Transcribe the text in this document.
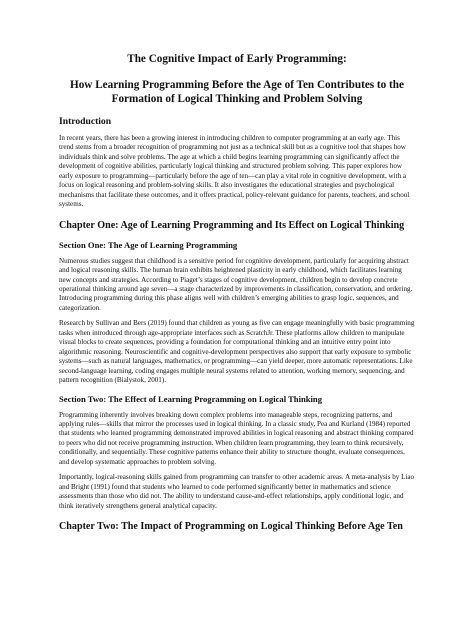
The Cognitive Impact of Early Programming:
How Learning Programming Before the Age of Ten Contributes to the Formation of Logical Thinking and Problem Solving
Introduction

In recent years, there has been a growing interest in introducing children to computer programming at an early age. This trend stems from a broader recognition of programming not just as a technical skill but as a cognitive tool that shapes how individuals think and solve problems. The age at which a child begins learning programming can significantly affect the development of cognitive abilities, particularly logical thinking and structured problem solving. This paper explores how early exposure to programming—particularly before the age of ten—can play a vital role in cognitive development, with a focus on logical reasoning and problem-solving skills. It also investigates the educational strategies and psychological mechanisms that facilitate these outcomes, and it offers practical, policy-relevant guidance for parents, teachers, and school systems.

Chapter One: Age of Learning Programming and Its Effect on Logical Thinking
Section One: The Age of Learning Programming

Numerous studies suggest that childhood is a sensitive period for cognitive development, particularly for acquiring abstract and logical reasoning skills. The human brain exhibits heightened plasticity in early childhood, which facilitates learning new concepts and strategies. According to Piaget’s stages of cognitive development, children begin to develop concrete operational thinking around age seven—a stage characterized by improvements in classification, conservation, and ordering. Introducing programming during this phase aligns well with children’s emerging abilities to grasp logic, sequences, and categorization.

Research by Sullivan and Bers (2019) found that children as young as five can engage meaningfully with basic programming tasks when introduced through age-appropriate interfaces such as ScratchJr. These platforms allow children to manipulate visual blocks to create sequences, providing a foundation for computational thinking and an intuitive entry point into algorithmic reasoning. Neuroscientific and cognitive-development perspectives also support that early exposure to symbolic systems—such as natural languages, mathematics, or programming—can yield deeper, more automatic representations. Like second-language learning, coding engages multiple neural systems related to attention, working memory, sequencing, and pattern recognition (Bialystok, 2001).

Section Two: The Effect of Learning Programming on Logical Thinking

Programming inherently involves breaking down complex problems into manageable steps, recognizing patterns, and applying rules—skills that mirror the processes used in logical thinking. In a classic study, Pea and Kurland (1984) reported that students who learned programming demonstrated improved abilities in logical reasoning and abstract thinking compared to peers who did not receive programming instruction. When children learn programming, they learn to think recursively, conditionally, and sequentially. These cognitive patterns enhance their ability to structure thought, evaluate consequences, and develop systematic approaches to problem solving.

Importantly, logical-reasoning skills gained from programming can transfer to other academic areas. A meta-analysis by Liao and Bright (1991) found that students who learned to code performed significantly better in mathematics and science assessments than those who did not. The ability to understand cause-and-effect relationships, apply conditional logic, and think iteratively strengthens general analytical capacity.

Chapter Two: The Impact of Programming on Logical Thinking Before Age Ten
